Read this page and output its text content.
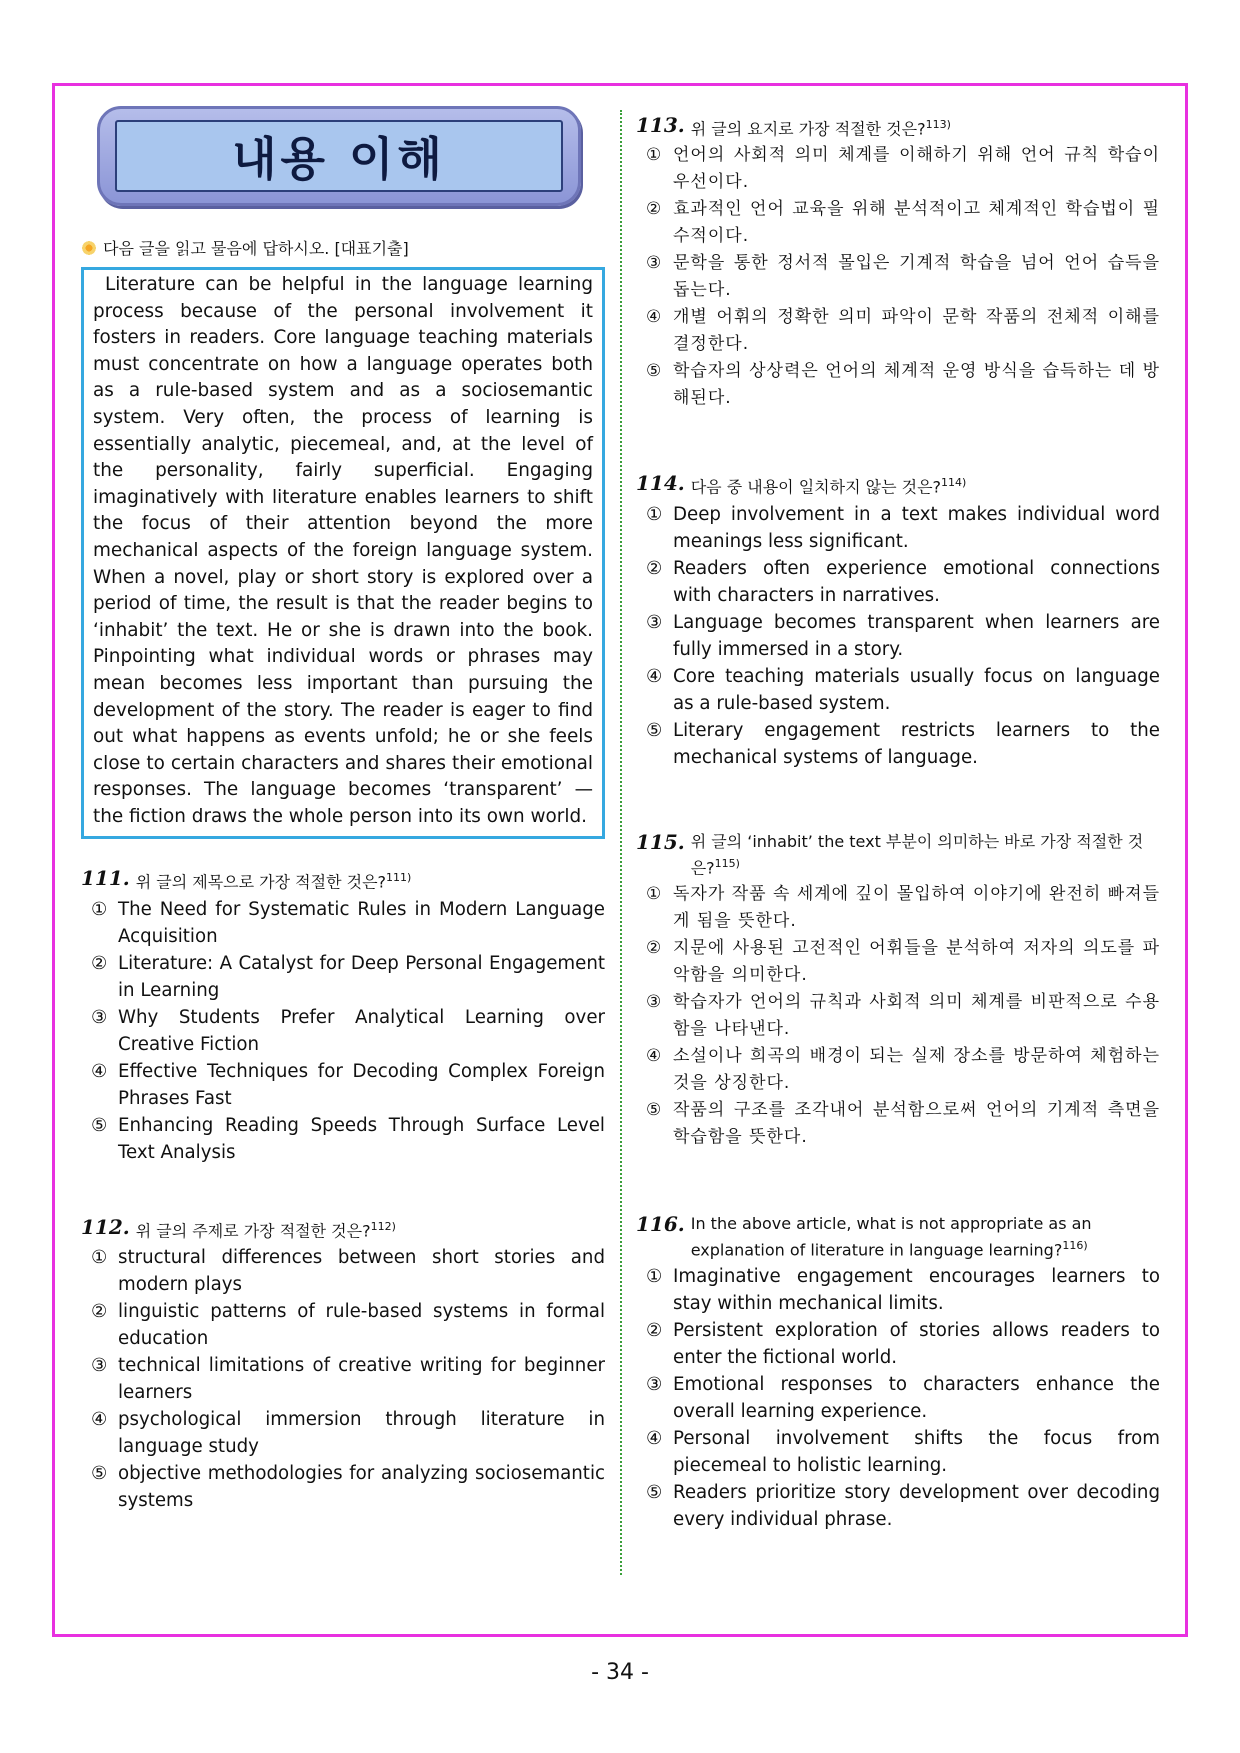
내용 이해
다음 글을 읽고 물음에 답하시오. [대표기출]

Literature can be helpful in the language learning process because of the personal involvement it fosters in readers. Core language teaching materials must concentrate on how a language operates both as a rule-based system and as a sociosemantic system. Very often, the process of learning is essentially analytic, piecemeal, and, at the level of the personality, fairly superficial. Engaging imaginatively with literature enables learners to shift the focus of their attention beyond the more mechanical aspects of the foreign language system. When a novel, play or short story is explored over a period of time, the result is that the reader begins to ‘inhabit’ the text. He or she is drawn into the book. Pinpointing what individual words or phrases may mean becomes less important than pursuing the development of the story. The reader is eager to find out what happens as events unfold; he or she feels close to certain characters and shares their emotional responses. The language becomes ‘transparent’ — the fiction draws the whole person into its own world.

111. 위 글의 제목으로 가장 적절한 것은?$^{111)}$
① The Need for Systematic Rules in Modern Language Acquisition
② Literature: A Catalyst for Deep Personal Engagement in Learning
③ Why Students Prefer Analytical Learning over Creative Fiction
④ Effective Techniques for Decoding Complex Foreign Phrases Fast
⑤ Enhancing Reading Speeds Through Surface Level Text Analysis
112. 위 글의 주제로 가장 적절한 것은?$^{112)}$
① structural differences between short stories and modern plays
② linguistic patterns of rule-based systems in formal education
③ technical limitations of creative writing for beginner learners
④ psychological immersion through literature in language study
⑤ objective methodologies for analyzing sociosemantic systems
113. 위 글의 요지로 가장 적절한 것은?$^{113)}$
① 언어의 사회적 의미 체계를 이해하기 위해 언어 규칙 학습이 우선이다.
② 효과적인 언어 교육을 위해 분석적이고 체계적인 학습법이 필수적이다.
③ 문학을 통한 정서적 몰입은 기계적 학습을 넘어 언어 습득을 돕는다.
④ 개별 어휘의 정확한 의미 파악이 문학 작품의 전체적 이해를 결정한다.
⑤ 학습자의 상상력은 언어의 체계적 운영 방식을 습득하는 데 방해된다.
114. 다음 중 내용이 일치하지 않는 것은?$^{114)}$
① Deep involvement in a text makes individual word meanings less significant.
② Readers often experience emotional connections with characters in narratives.
③ Language becomes transparent when learners are fully immersed in a story.
④ Core teaching materials usually focus on language as a rule-based system.
⑤ Literary engagement restricts learners to the mechanical systems of language.
115. 위 글의 ‘inhabit’ the text 부분이 의미하는 바로 가장 적절한 것은?$^{115)}$
① 독자가 작품 속 세계에 깊이 몰입하여 이야기에 완전히 빠져들게 됨을 뜻한다.
② 지문에 사용된 고전적인 어휘들을 분석하여 저자의 의도를 파악함을 의미한다.
③ 학습자가 언어의 규칙과 사회적 의미 체계를 비판적으로 수용함을 나타낸다.
④ 소설이나 희곡의 배경이 되는 실제 장소를 방문하여 체험하는 것을 상징한다.
⑤ 작품의 구조를 조각내어 분석함으로써 언어의 기계적 측면을 학습함을 뜻한다.
116. In the above article, what is not appropriate as an explanation of literature in language learning?$^{116)}$
① Imaginative engagement encourages learners to stay within mechanical limits.
② Persistent exploration of stories allows readers to enter the fictional world.
③ Emotional responses to characters enhance the overall learning experience.
④ Personal involvement shifts the focus from piecemeal to holistic learning.
⑤ Readers prioritize story development over decoding every individual phrase.
- 34 -
